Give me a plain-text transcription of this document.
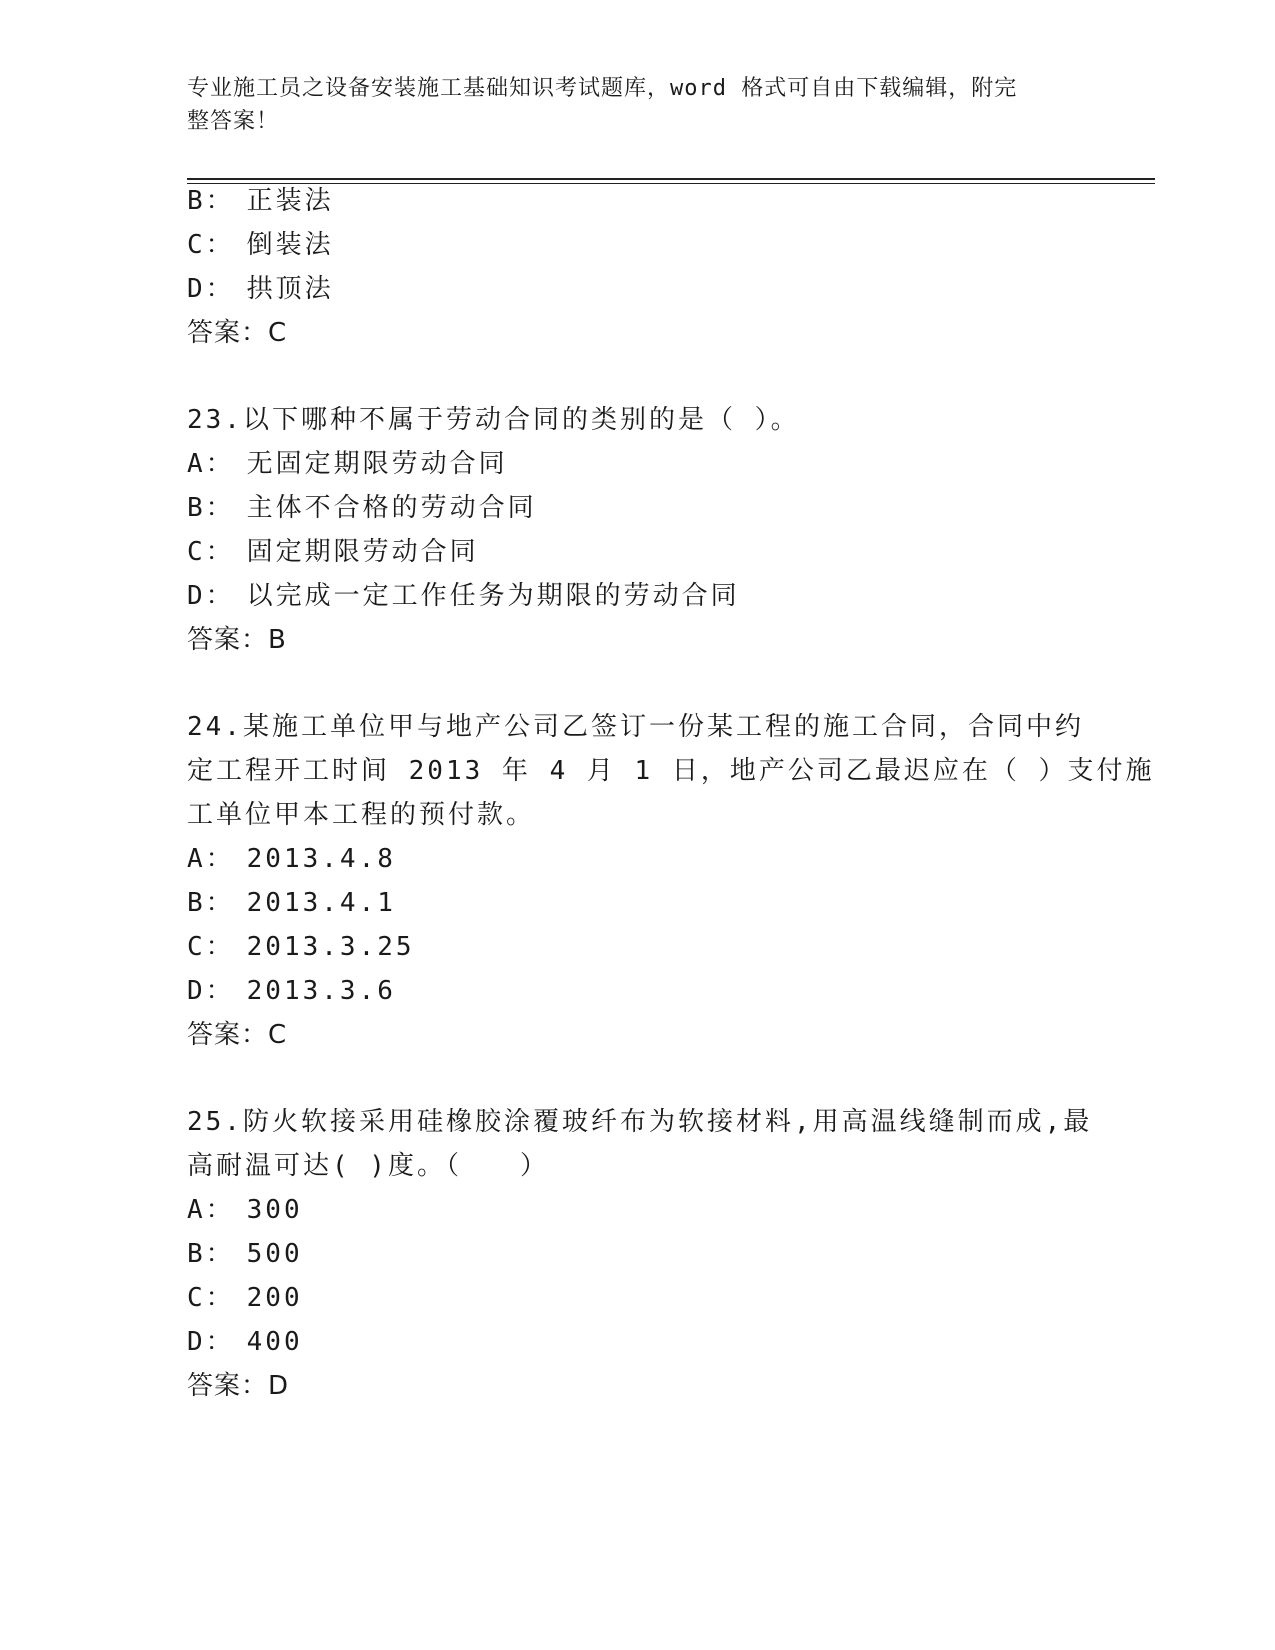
专业施工员之设备安装施工基础知识考试题库，word 格式可自由下载编辑，附完
整答案！
B： 正装法
C： 倒装法
D： 拱顶法
答案：C
23.以下哪种不属于劳动合同的类别的是（ ）。
A： 无固定期限劳动合同
B： 主体不合格的劳动合同
C： 固定期限劳动合同
D： 以完成一定工作任务为期限的劳动合同
答案：B
24.某施工单位甲与地产公司乙签订一份某工程的施工合同，合同中约
定工程开工时间 2013 年 4 月 1 日，地产公司乙最迟应在（ ）支付施
工单位甲本工程的预付款。
A： 2013.4.8
B： 2013.4.1
C： 2013.3.25
D： 2013.3.6
答案：C
25.防火软接采用硅橡胶涂覆玻纤布为软接材料,用高温线缝制而成,最
高耐温可达( )度。（　　）
A： 300
B： 500
C： 200
D： 400
答案：D
